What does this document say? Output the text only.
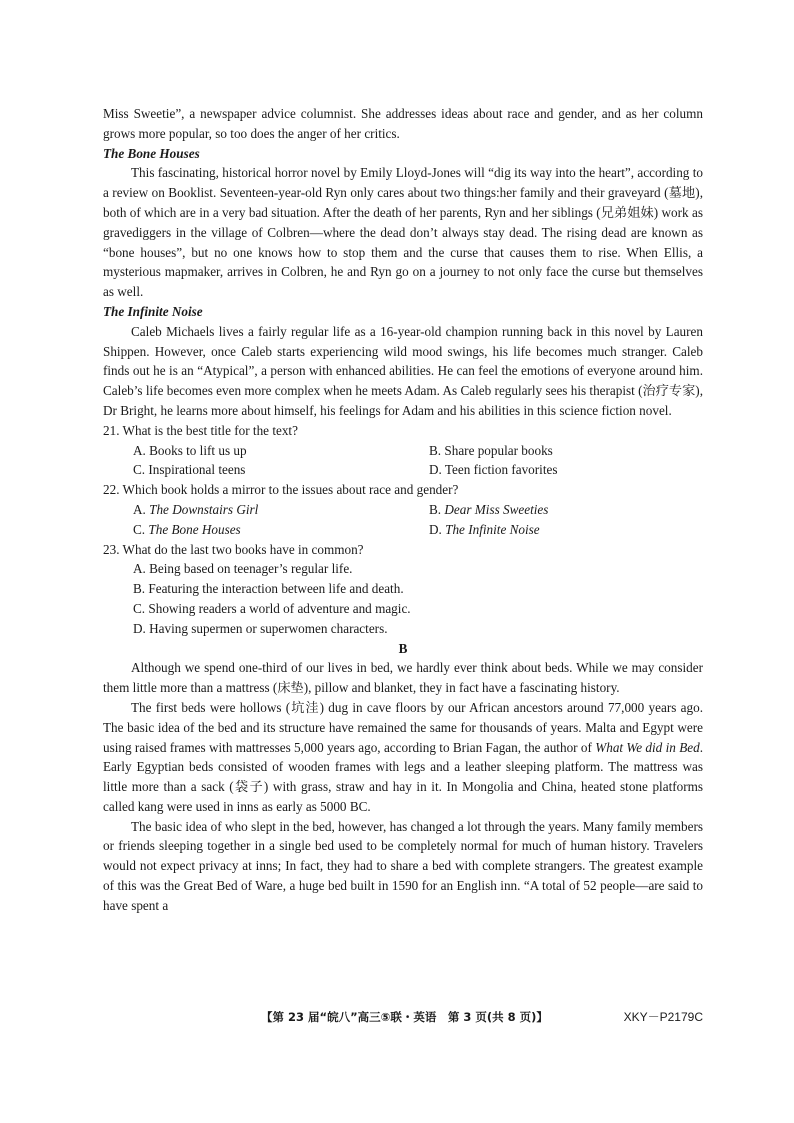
Miss Sweetie”, a newspaper advice columnist. She addresses ideas about race and gender, and as her column grows more popular, so too does the anger of her critics.

The Bone Houses

This fascinating, historical horror novel by Emily Lloyd-Jones will “dig its way into the heart”, according to a review on Booklist. Seventeen-year-old Ryn only cares about two things:her family and their graveyard (墓地), both of which are in a very bad situation. After the death of her parents, Ryn and her siblings (兄弟姐妹) work as gravediggers in the village of Colbren—where the dead don’t always stay dead. The rising dead are known as “bone houses”, but no one knows how to stop them and the curse that causes them to rise. When Ellis, a mysterious mapmaker, arrives in Colbren, he and Ryn go on a journey to not only face the curse but themselves as well.

The Infinite Noise

Caleb Michaels lives a fairly regular life as a 16-year-old champion running back in this novel by Lauren Shippen. However, once Caleb starts experiencing wild mood swings, his life becomes much stranger. Caleb finds out he is an “Atypical”, a person with enhanced abilities. He can feel the emotions of everyone around him. Caleb’s life becomes even more complex when he meets Adam. As Caleb regularly sees his therapist (治疗专家), Dr Bright, he learns more about himself, his feelings for Adam and his abilities in this science fiction novel.

21. What is the best title for the text?

A. Books to lift us up	B. Share popular books
C. Inspirational teens	D. Teen fiction favorites

22. Which book holds a mirror to the issues about race and gender?

A. The Downstairs Girl	B. Dear Miss Sweeties
C. The Bone Houses	D. The Infinite Noise

23. What do the last two books have in common?

A. Being based on teenager’s regular life.
B. Featuring the interaction between life and death.
C. Showing readers a world of adventure and magic.
D. Having supermen or superwomen characters.

B

Although we spend one-third of our lives in bed, we hardly ever think about beds. While we may consider them little more than a mattress (床垫), pillow and blanket, they in fact have a fascinating history.

The first beds were hollows (坑洼) dug in cave floors by our African ancestors around 77,000 years ago. The basic idea of the bed and its structure have remained the same for thousands of years. Malta and Egypt were using raised frames with mattresses 5,000 years ago, according to Brian Fagan, the author of What We did in Bed. Early Egyptian beds consisted of wooden frames with legs and a leather sleeping platform. The mattress was little more than a sack (袋子) with grass, straw and hay in it. In Mongolia and China, heated stone platforms called kang were used in inns as early as 5000 BC.

The basic idea of who slept in the bed, however, has changed a lot through the years. Many family members or friends sleeping together in a single bed used to be completely normal for much of human history. Travelers would not expect privacy at inns; In fact, they had to share a bed with complete strangers. The greatest example of this was the Great Bed of Ware, a huge bed built in 1590 for an English inn. “A total of 52 people—are said to have spent a

【第 23 届“皖八”高三⑤联・英语　第 3 页(共 8 页)】	XKY－P2179C
